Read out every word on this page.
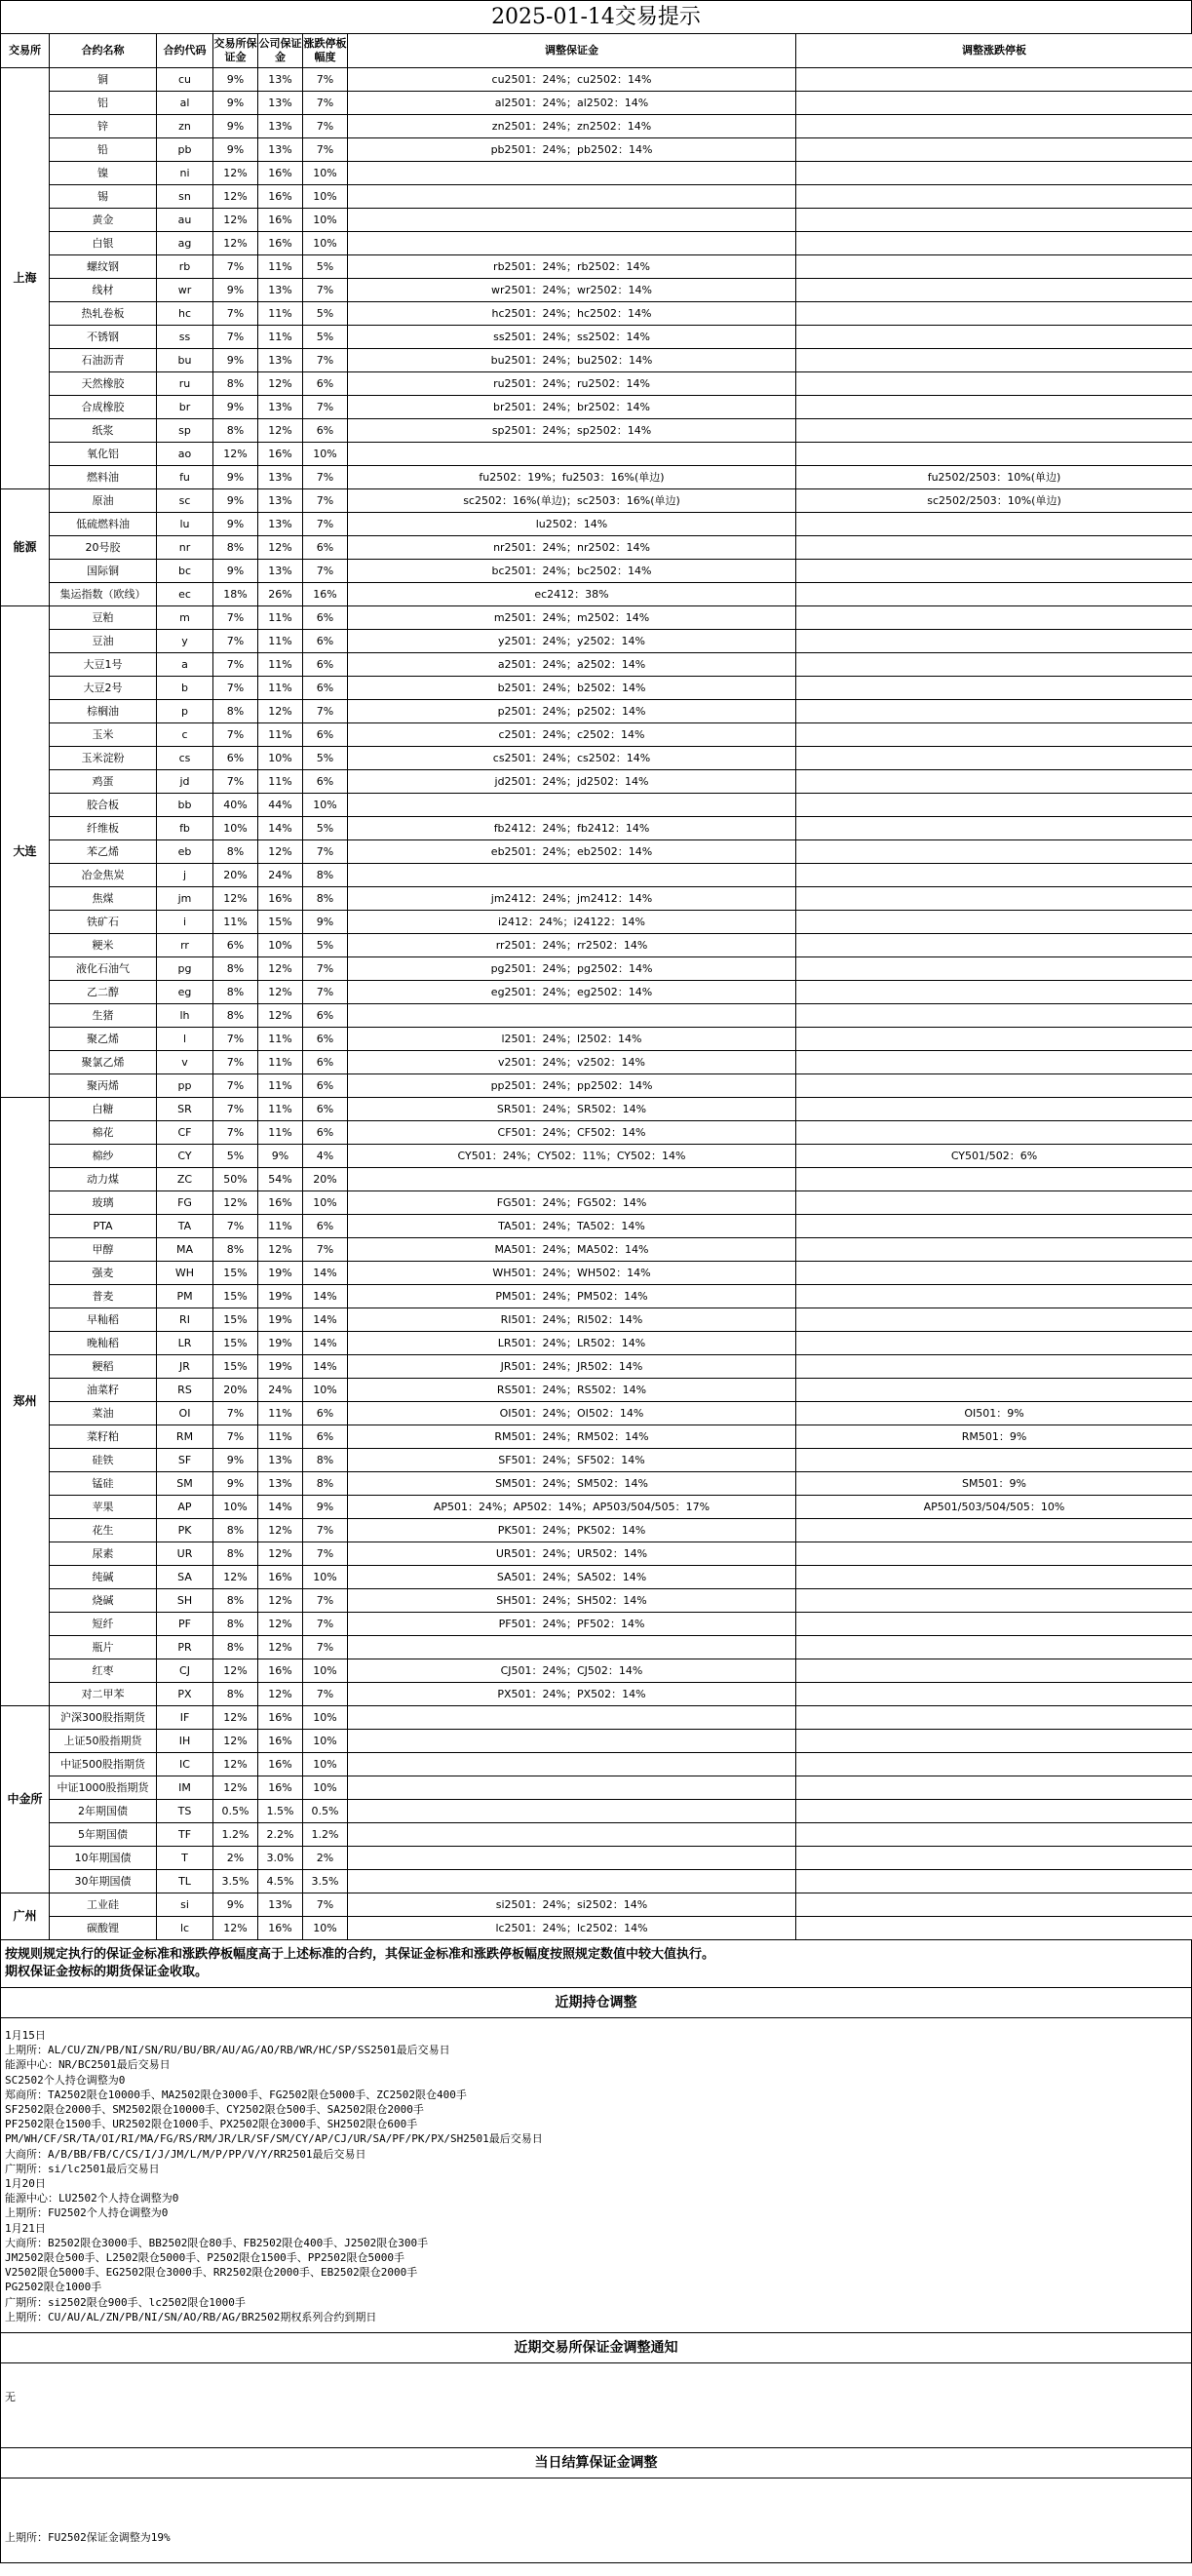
2025-01-14交易提示
交易所	合约名称	合约代码	交易所保证金	公司保证金	涨跌停板幅度	调整保证金	调整涨跌停板
上海	铜	cu	9%	13%	7%	cu2501：24%；cu2502：14%	
	铝	al	9%	13%	7%	al2501：24%；al2502：14%	
	锌	zn	9%	13%	7%	zn2501：24%；zn2502：14%	
	铅	pb	9%	13%	7%	pb2501：24%；pb2502：14%	
	镍	ni	12%	16%	10%		
	锡	sn	12%	16%	10%		
	黄金	au	12%	16%	10%		
	白银	ag	12%	16%	10%		
	螺纹钢	rb	7%	11%	5%	rb2501：24%；rb2502：14%	
	线材	wr	9%	13%	7%	wr2501：24%；wr2502：14%	
	热轧卷板	hc	7%	11%	5%	hc2501：24%；hc2502：14%	
	不锈钢	ss	7%	11%	5%	ss2501：24%；ss2502：14%	
	石油沥青	bu	9%	13%	7%	bu2501：24%；bu2502：14%	
	天然橡胶	ru	8%	12%	6%	ru2501：24%；ru2502：14%	
	合成橡胶	br	9%	13%	7%	br2501：24%；br2502：14%	
	纸浆	sp	8%	12%	6%	sp2501：24%；sp2502：14%	
	氧化铝	ao	12%	16%	10%		
	燃料油	fu	9%	13%	7%	fu2502：19%；fu2503：16%(单边)	fu2502/2503：10%(单边)
能源	原油	sc	9%	13%	7%	sc2502：16%(单边)；sc2503：16%(单边)	sc2502/2503：10%(单边)
	低硫燃料油	lu	9%	13%	7%	lu2502：14%	
	20号胶	nr	8%	12%	6%	nr2501：24%；nr2502：14%	
	国际铜	bc	9%	13%	7%	bc2501：24%；bc2502：14%	
	集运指数（欧线）	ec	18%	26%	16%	ec2412：38%	
大连	豆粕	m	7%	11%	6%	m2501：24%；m2502：14%	
	豆油	y	7%	11%	6%	y2501：24%；y2502：14%	
	大豆1号	a	7%	11%	6%	a2501：24%；a2502：14%	
	大豆2号	b	7%	11%	6%	b2501：24%；b2502：14%	
	棕榈油	p	8%	12%	7%	p2501：24%；p2502：14%	
	玉米	c	7%	11%	6%	c2501：24%；c2502：14%	
	玉米淀粉	cs	6%	10%	5%	cs2501：24%；cs2502：14%	
	鸡蛋	jd	7%	11%	6%	jd2501：24%；jd2502：14%	
	胶合板	bb	40%	44%	10%		
	纤维板	fb	10%	14%	5%	fb2412：24%；fb2412：14%	
	苯乙烯	eb	8%	12%	7%	eb2501：24%；eb2502：14%	
	冶金焦炭	j	20%	24%	8%		
	焦煤	jm	12%	16%	8%	jm2412：24%；jm2412：14%	
	铁矿石	i	11%	15%	9%	i2412：24%；i24122：14%	
	粳米	rr	6%	10%	5%	rr2501：24%；rr2502：14%	
	液化石油气	pg	8%	12%	7%	pg2501：24%；pg2502：14%	
	乙二醇	eg	8%	12%	7%	eg2501：24%；eg2502：14%	
	生猪	lh	8%	12%	6%		
	聚乙烯	l	7%	11%	6%	l2501：24%；l2502：14%	
	聚氯乙烯	v	7%	11%	6%	v2501：24%；v2502：14%	
	聚丙烯	pp	7%	11%	6%	pp2501：24%；pp2502：14%	
郑州	白糖	SR	7%	11%	6%	SR501：24%；SR502：14%	
	棉花	CF	7%	11%	6%	CF501：24%；CF502：14%	
	棉纱	CY	5%	9%	4%	CY501：24%；CY502：11%；CY502：14%	CY501/502：6%
	动力煤	ZC	50%	54%	20%		
	玻璃	FG	12%	16%	10%	FG501：24%；FG502：14%	
	PTA	TA	7%	11%	6%	TA501：24%；TA502：14%	
	甲醇	MA	8%	12%	7%	MA501：24%；MA502：14%	
	强麦	WH	15%	19%	14%	WH501：24%；WH502：14%	
	普麦	PM	15%	19%	14%	PM501：24%；PM502：14%	
	早籼稻	RI	15%	19%	14%	RI501：24%；RI502：14%	
	晚籼稻	LR	15%	19%	14%	LR501：24%；LR502：14%	
	粳稻	JR	15%	19%	14%	JR501：24%；JR502：14%	
	油菜籽	RS	20%	24%	10%	RS501：24%；RS502：14%	
	菜油	OI	7%	11%	6%	OI501：24%；OI502：14%	OI501：9%
	菜籽粕	RM	7%	11%	6%	RM501：24%；RM502：14%	RM501：9%
	硅铁	SF	9%	13%	8%	SF501：24%；SF502：14%	
	锰硅	SM	9%	13%	8%	SM501：24%；SM502：14%	SM501：9%
	苹果	AP	10%	14%	9%	AP501：24%；AP502：14%；AP503/504/505：17%	AP501/503/504/505：10%
	花生	PK	8%	12%	7%	PK501：24%；PK502：14%	
	尿素	UR	8%	12%	7%	UR501：24%；UR502：14%	
	纯碱	SA	12%	16%	10%	SA501：24%；SA502：14%	
	烧碱	SH	8%	12%	7%	SH501：24%；SH502：14%	
	短纤	PF	8%	12%	7%	PF501：24%；PF502：14%	
	瓶片	PR	8%	12%	7%		
	红枣	CJ	12%	16%	10%	CJ501：24%；CJ502：14%	
	对二甲苯	PX	8%	12%	7%	PX501：24%；PX502：14%	
中金所	沪深300股指期货	IF	12%	16%	10%		
	上证50股指期货	IH	12%	16%	10%		
	中证500股指期货	IC	12%	16%	10%		
	中证1000股指期货	IM	12%	16%	10%		
	2年期国债	TS	0.5%	1.5%	0.5%		
	5年期国债	TF	1.2%	2.2%	1.2%		
	10年期国债	T	2%	3.0%	2%		
	30年期国债	TL	3.5%	4.5%	3.5%		
广州	工业硅	si	9%	13%	7%	si2501：24%；si2502：14%	
	碳酸锂	lc	12%	16%	10%	lc2501：24%；lc2502：14%	
按规则规定执行的保证金标准和涨跌停板幅度高于上述标准的合约，其保证金标准和涨跌停板幅度按照规定数值中较大值执行。
期权保证金按标的期货保证金收取。
近期持仓调整
1月15日
上期所：AL/CU/ZN/PB/NI/SN/RU/BU/BR/AU/AG/AO/RB/WR/HC/SP/SS2501最后交易日
能源中心：NR/BC2501最后交易日
SC2502个人持仓调整为0
郑商所：TA2502限仓10000手、MA2502限仓3000手、FG2502限仓5000手、ZC2502限仓400手
SF2502限仓2000手、SM2502限仓10000手、CY2502限仓500手、SA2502限仓2000手
PF2502限仓1500手、UR2502限仓1000手、PX2502限仓3000手、SH2502限仓600手
PM/WH/CF/SR/TA/OI/RI/MA/FG/RS/RM/JR/LR/SF/SM/CY/AP/CJ/UR/SA/PF/PK/PX/SH2501最后交易日
大商所：A/B/BB/FB/C/CS/I/J/JM/L/M/P/PP/V/Y/RR2501最后交易日
广期所：si/lc2501最后交易日
1月20日
能源中心：LU2502个人持仓调整为0
上期所：FU2502个人持仓调整为0
1月21日
大商所：B2502限仓3000手、BB2502限仓80手、FB2502限仓400手、J2502限仓300手
JM2502限仓500手、L2502限仓5000手、P2502限仓1500手、PP2502限仓5000手
V2502限仓5000手、EG2502限仓3000手、RR2502限仓2000手、EB2502限仓2000手
PG2502限仓1000手
广期所：si2502限仓900手、lc2502限仓1000手
上期所：CU/AU/AL/ZN/PB/NI/SN/AO/RB/AG/BR2502期权系列合约到期日
近期交易所保证金调整通知
无
当日结算保证金调整
上期所：FU2502保证金调整为19%
